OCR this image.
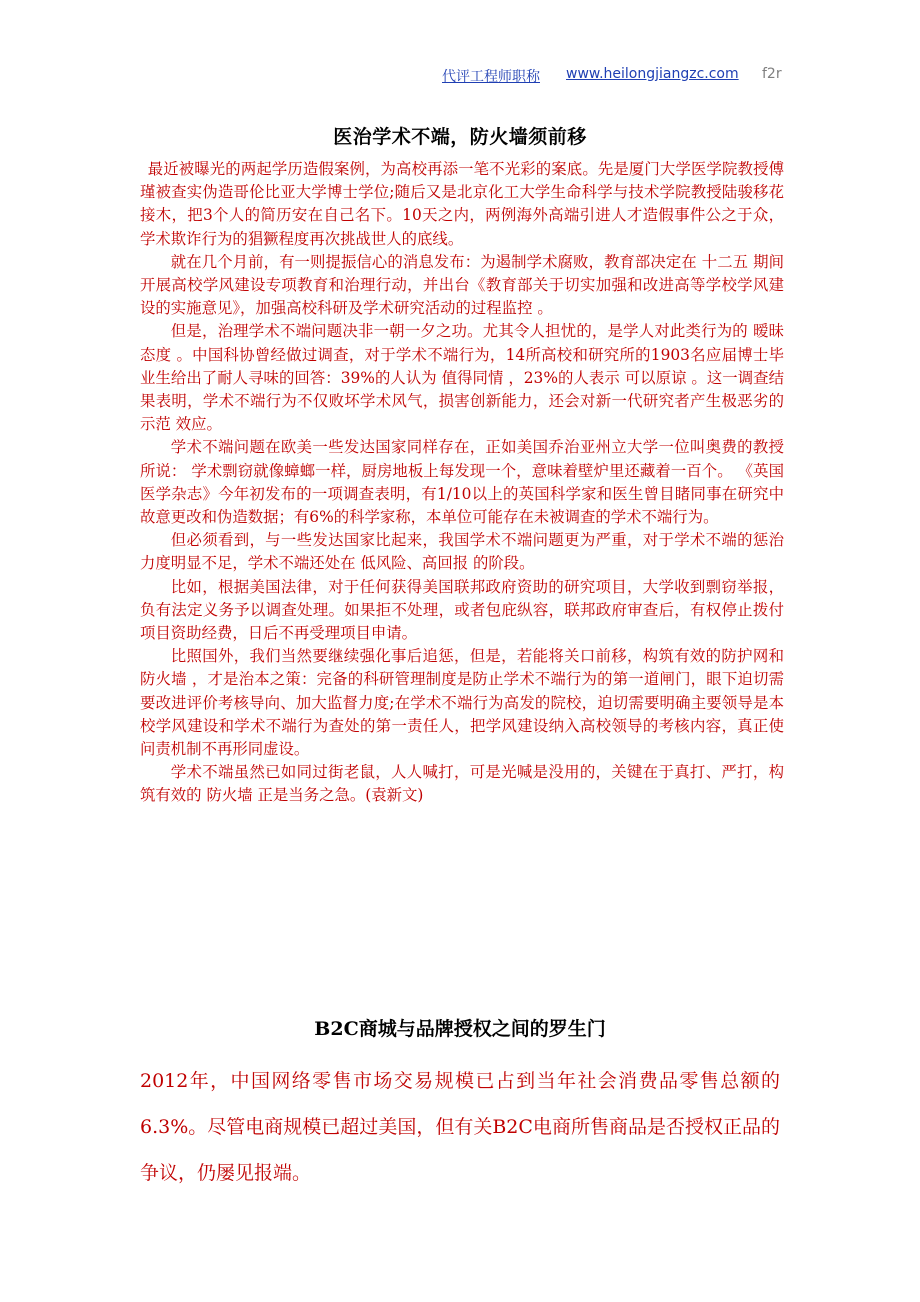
代评工程师职称 www.heilongjiangzc.com f2r
医治学术不端，防火墙须前移

最近被曝光的两起学历造假案例，为高校再添一笔不光彩的案底。先是厦门大学医学院教授傅瑾被查实伪造哥伦比亚大学博士学位;随后又是北京化工大学生命科学与技术学院教授陆骏移花接木，把3个人的简历安在自己名下。10天之内，两例海外高端引进人才造假事件公之于众，学术欺诈行为的猖獗程度再次挑战世人的底线。

就在几个月前，有一则提振信心的消息发布：为遏制学术腐败，教育部决定在 十二五 期间开展高校学风建设专项教育和治理行动，并出台《教育部关于切实加强和改进高等学校学风建设的实施意见》，加强高校科研及学术研究活动的过程监控 。

但是，治理学术不端问题决非一朝一夕之功。尤其令人担忧的，是学人对此类行为的 暧昧态度 。中国科协曾经做过调查，对于学术不端行为，14所高校和研究所的1903名应届博士毕业生给出了耐人寻味的回答：39%的人认为 值得同情 ，23%的人表示 可以原谅 。这一调查结果表明，学术不端行为不仅败坏学术风气，损害创新能力，还会对新一代研究者产生极恶劣的 示范 效应。

学术不端问题在欧美一些发达国家同样存在，正如美国乔治亚州立大学一位叫奥费的教授所说： 学术剽窃就像蟑螂一样，厨房地板上每发现一个，意味着壁炉里还藏着一百个。 《英国医学杂志》今年初发布的一项调查表明，有1/10以上的英国科学家和医生曾目睹同事在研究中故意更改和伪造数据；有6%的科学家称，本单位可能存在未被调查的学术不端行为。

但必须看到，与一些发达国家比起来，我国学术不端问题更为严重，对于学术不端的惩治力度明显不足，学术不端还处在 低风险、高回报 的阶段。

比如，根据美国法律，对于任何获得美国联邦政府资助的研究项目，大学收到剽窃举报，负有法定义务予以调查处理。如果拒不处理，或者包庇纵容，联邦政府审查后，有权停止拨付项目资助经费，日后不再受理项目申请。

比照国外，我们当然要继续强化事后追惩，但是，若能将关口前移，构筑有效的防护网和 防火墙 ，才是治本之策：完备的科研管理制度是防止学术不端行为的第一道闸门，眼下迫切需要改进评价考核导向、加大监督力度;在学术不端行为高发的院校，迫切需要明确主要领导是本校学风建设和学术不端行为查处的第一责任人，把学风建设纳入高校领导的考核内容，真正使问责机制不再形同虚设。

学术不端虽然已如同过街老鼠，人人喊打，可是光喊是没用的，关键在于真打、严打，构筑有效的 防火墙 正是当务之急。(袁新文)

B2C商城与品牌授权之间的罗生门

2012年，中国网络零售市场交易规模已占到当年社会消费品零售总额的6.3%。尽管电商规模已超过美国，但有关B2C电商所售商品是否授权正品的争议，仍屡见报端。
